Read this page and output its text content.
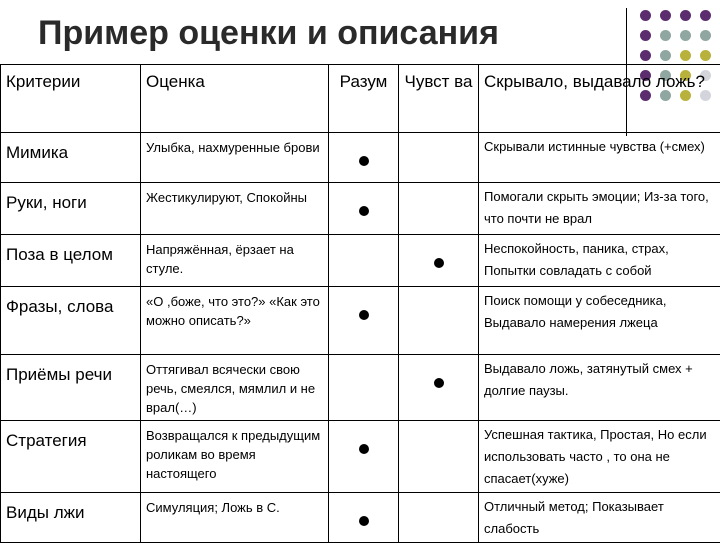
Пример оценки и описания
Критерии	Оценка	Разум	Чувст ва	Скрывало, выдавало ложь?
Мимика	Улыбка, нахмуренные брови			Скрывали истинные чувства (+смех)
Руки, ноги	Жестикулируют, Спокойны			Помогали скрыть эмоции; Из-за того, что почти не врал
Поза в целом	Напряжённая, ёрзает на стуле.			Неспокойность, паника, страх, Попытки совладать с собой
Фразы, слова	«О ,боже, что это?» «Как это можно описать?»			Поиск помощи у собеседника, Выдавало намерения лжеца
Приёмы речи	Оттягивал всячески свою речь, смеялся, мямлил и не врал(…)			Выдавало ложь, затянутый смех + долгие паузы.
Стратегия	Возвращался к предыдущим роликам во время настоящего			Успешная тактика, Простая, Но если использовать часто , то она не спасает(хуже)
Виды лжи	Симуляция; Ложь в С.			Отличный метод; Показывает слабость
